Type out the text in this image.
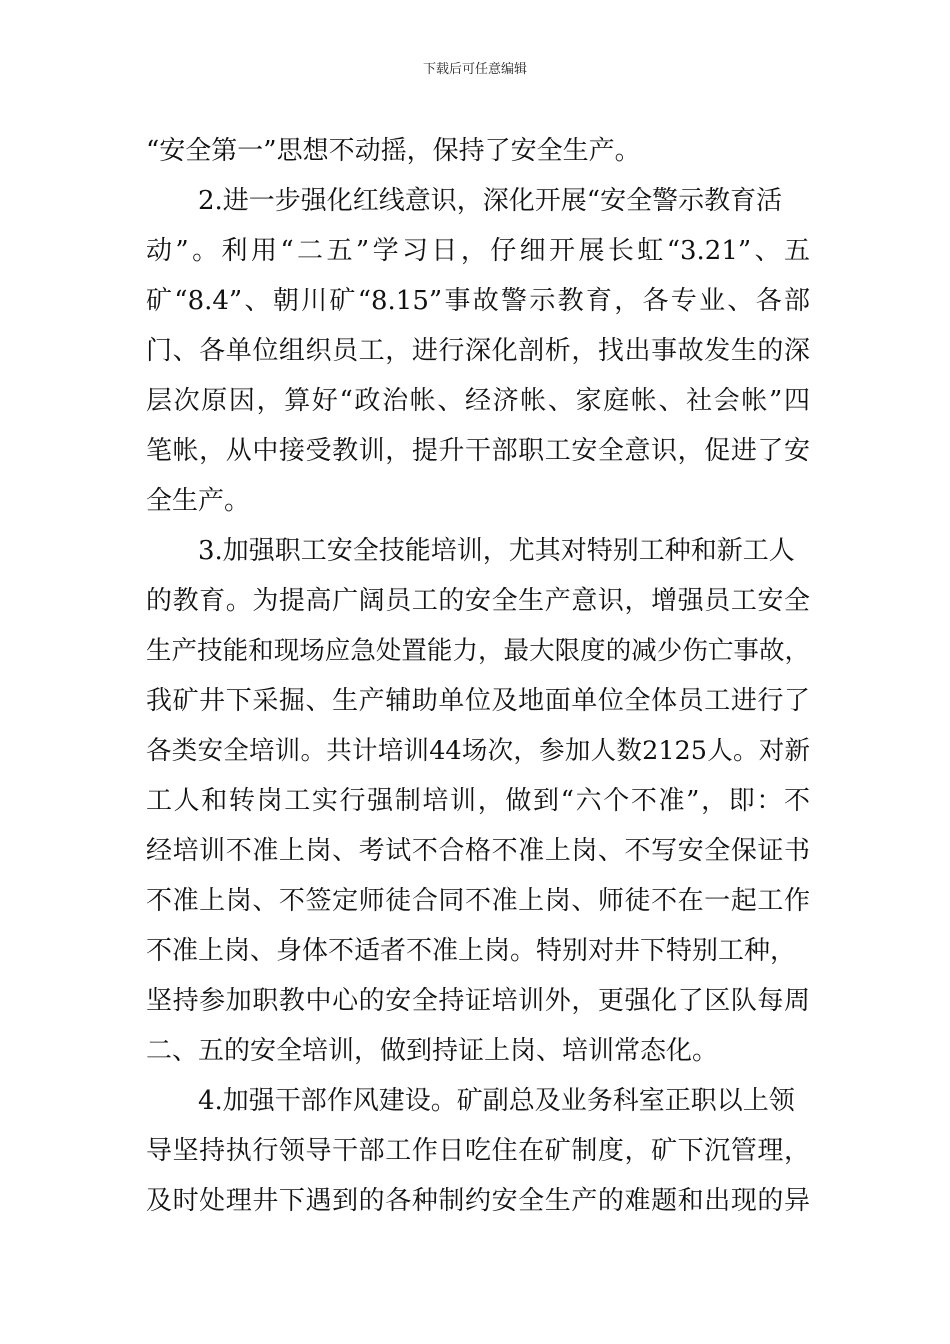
下载后可任意编辑
“安全第一”思想不动摇，保持了安全生产。
2.进一步强化红线意识，深化开展“安全警示教育活
动”。利用“二五”学习日，仔细开展长虹“3.21”、五
矿“8.4”、朝川矿“8.15”事故警示教育，各专业、各部
门、各单位组织员工，进行深化剖析，找出事故发生的深
层次原因，算好“政治帐、经济帐、家庭帐、社会帐”四
笔帐，从中接受教训，提升干部职工安全意识，促进了安
全生产。
3.加强职工安全技能培训，尤其对特别工种和新工人
的教育。为提高广阔员工的安全生产意识，增强员工安全
生产技能和现场应急处置能力，最大限度的减少伤亡事故，
我矿井下采掘、生产辅助单位及地面单位全体员工进行了
各类安全培训。共计培训44场次，参加人数2125人。对新
工人和转岗工实行强制培训，做到“六个不准”，即：不
经培训不准上岗、考试不合格不准上岗、不写安全保证书
不准上岗、不签定师徒合同不准上岗、师徒不在一起工作
不准上岗、身体不适者不准上岗。特别对井下特别工种，
坚持参加职教中心的安全持证培训外，更强化了区队每周
二、五的安全培训，做到持证上岗、培训常态化。
4.加强干部作风建设。矿副总及业务科室正职以上领
导坚持执行领导干部工作日吃住在矿制度，矿下沉管理，
及时处理井下遇到的各种制约安全生产的难题和出现的异
